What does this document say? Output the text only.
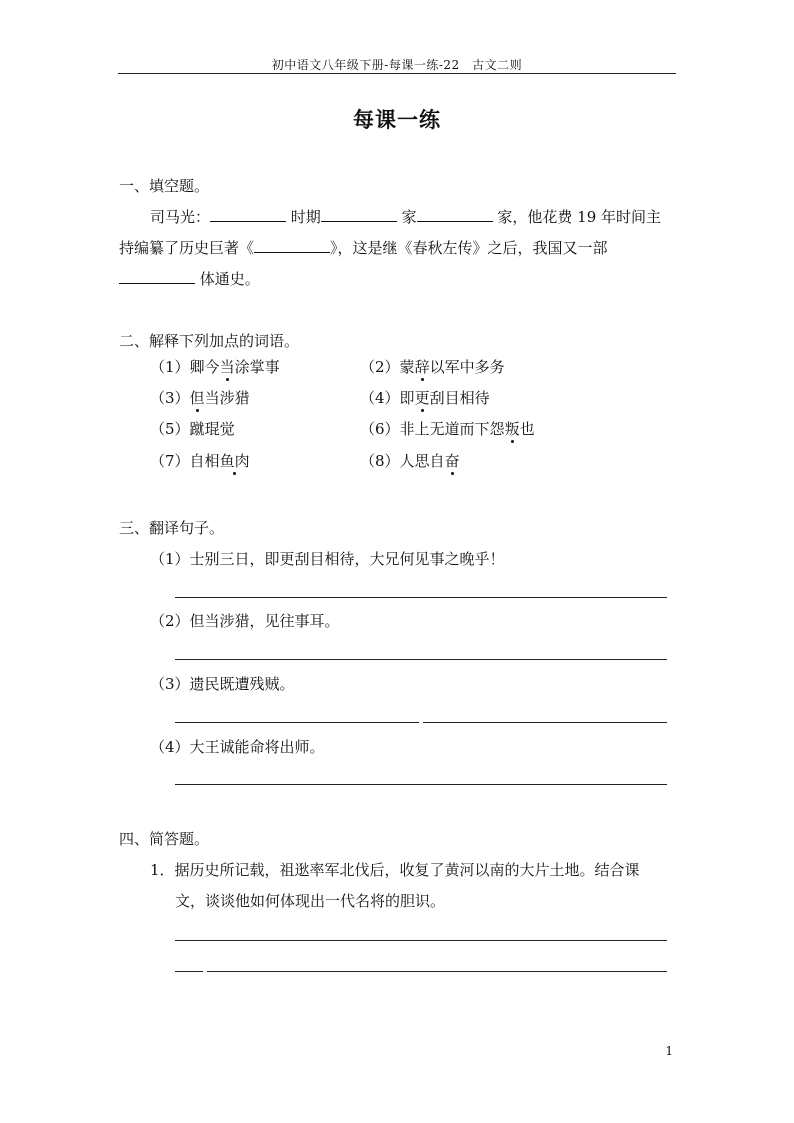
初中语文八年级下册-每课一练-22　古文二则
每课一练
一、填空题。
司马光：	时期	家	家，他花费 19 年时间主
持编纂了历史巨著《	》，这是继《春秋左传》之后，我国又一部
体通史。
二、解释下列加点的词语。
（1）卿今当涂掌事	（2）蒙辞以军中多务
（3）但当涉猎	（4）即更刮目相待
（5）蹴琨觉	（6）非上无道而下怨叛也
（7）自相鱼肉	（8）人思自奋
三、翻译句子。
（1）士别三日，即更刮目相待，大兄何见事之晚乎！
（2）但当涉猎，见往事耳。
（3）遗民既遭残贼。
（4）大王诚能命将出师。
四、简答题。
1．据历史所记载，祖逖率军北伐后，收复了黄河以南的大片土地。结合课
文，谈谈他如何体现出一代名将的胆识。
1
